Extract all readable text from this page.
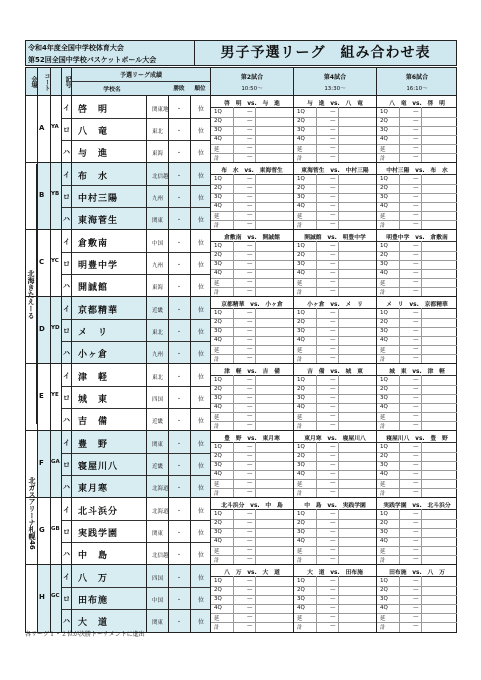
令和4年度全国中学校体育大会
第52回全国中学校バスケットボール大会	男子予選リーグ　組み合わせ表
会場	コート	記号
予選リーグ成績
学校名	勝敗	順位
第2試合
10:50〜
第4試合
13:30〜
第6試合
16:10〜
A YA
イ 啓　明	関東地 ・	位
ロ 八　竜	東北 ・	位
ハ 与　進	東海 ・	位
啓　明　vs.　与　進
1Q	—
2Q	—
3Q	—
4Q	—
延	—
計	—
与　進　vs.　八　竜
1Q	—
2Q	—
3Q	—
4Q	—
延	—
計	—
八　竜　vs.　啓　明
1Q	—
2Q	—
3Q	—
4Q	—
延	—
計	—
B YB
イ 布　水	北信越 ・	位
ロ 中村三陽	九州 ・	位
ハ 東海菅生	関東 ・	位
布　水　vs.　東海菅生
1Q	—
2Q	—
3Q	—
4Q	—
延	—
計	—
東海菅生　vs.　中村三陽
1Q	—
2Q	—
3Q	—
4Q	—
延	—
計	—
中村三陽　vs.　布　水
1Q	—
2Q	—
3Q	—
4Q	—
延	—
計	—
C YC
イ 倉敷南	中国 ・	位
ロ 明豊中学	九州 ・	位
ハ 開誠館	東海 ・	位
倉敷南　vs.　開誠館
1Q	—
2Q	—
3Q	—
4Q	—
延	—
計	—
開誠館　vs.　明豊中学
1Q	—
2Q	—
3Q	—
4Q	—
延	—
計	—
明豊中学　vs.　倉敷南
1Q	—
2Q	—
3Q	—
4Q	—
延	—
計	—
D YD
イ 京都精華	近畿 ・	位
ロ メ　リ	東北 ・	位
ハ 小ヶ倉	九州 ・	位
京都精華　vs.　小ヶ倉
1Q	—
2Q	—
3Q	—
4Q	—
延	—
計	—
小ヶ倉　vs.　メ　リ
1Q	—
2Q	—
3Q	—
4Q	—
延	—
計	—
メ　リ　vs.　京都精華
1Q	—
2Q	—
3Q	—
4Q	—
延	—
計	—
E YE
イ 津　軽	東北 ・	位
ロ 城　東	四国 ・	位
ハ 吉　備	近畿 ・	位
津　軽　vs.　吉　備
1Q	—
2Q	—
3Q	—
4Q	—
延	—
計	—
吉　備　vs.　城　東
1Q	—
2Q	—
3Q	—
4Q	—
延	—
計	—
城　東　vs.　津　軽
1Q	—
2Q	—
3Q	—
4Q	—
延	—
計	—
F GA
イ 豊　野	関東 ・	位
ロ 寝屋川八	近畿 ・	位
ハ 東月寒	北海道 ・	位
豊　野　vs.　東月寒
1Q	—
2Q	—
3Q	—
4Q	—
延	—
計	—
東月寒　vs.　寝屋川八
1Q	—
2Q	—
3Q	—
4Q	—
延	—
計	—
寝屋川八　vs.　豊　野
1Q	—
2Q	—
3Q	—
4Q	—
延	—
計	—
G GB
イ 北斗浜分	北海道 ・	位
ロ 実践学園	関東 ・	位
ハ 中　島	北信越 ・	位
北斗浜分　vs.　中　島
1Q	—
2Q	—
3Q	—
4Q	—
延	—
計	—
中　島　vs.　実践学園
1Q	—
2Q	—
3Q	—
4Q	—
延	—
計	—
実践学園　vs.　北斗浜分
1Q	—
2Q	—
3Q	—
4Q	—
延	—
計	—
H GC
イ 八　万	四国 ・	位
ロ 田布施	中国 ・	位
ハ 大　道	関東 ・	位
八　万　vs.　大　道
1Q	—
2Q	—
3Q	—
4Q	—
延	—
計	—
大　道　vs.　田布施
1Q	—
2Q	—
3Q	—
4Q	—
延	—
計	—
田布施　vs.　八　万
1Q	—
2Q	—
3Q	—
4Q	—
延	—
計	—
北海きたえーる
北ガスアリーナ札幌46
各リーグ１・２位が決勝トーナメントに進出
